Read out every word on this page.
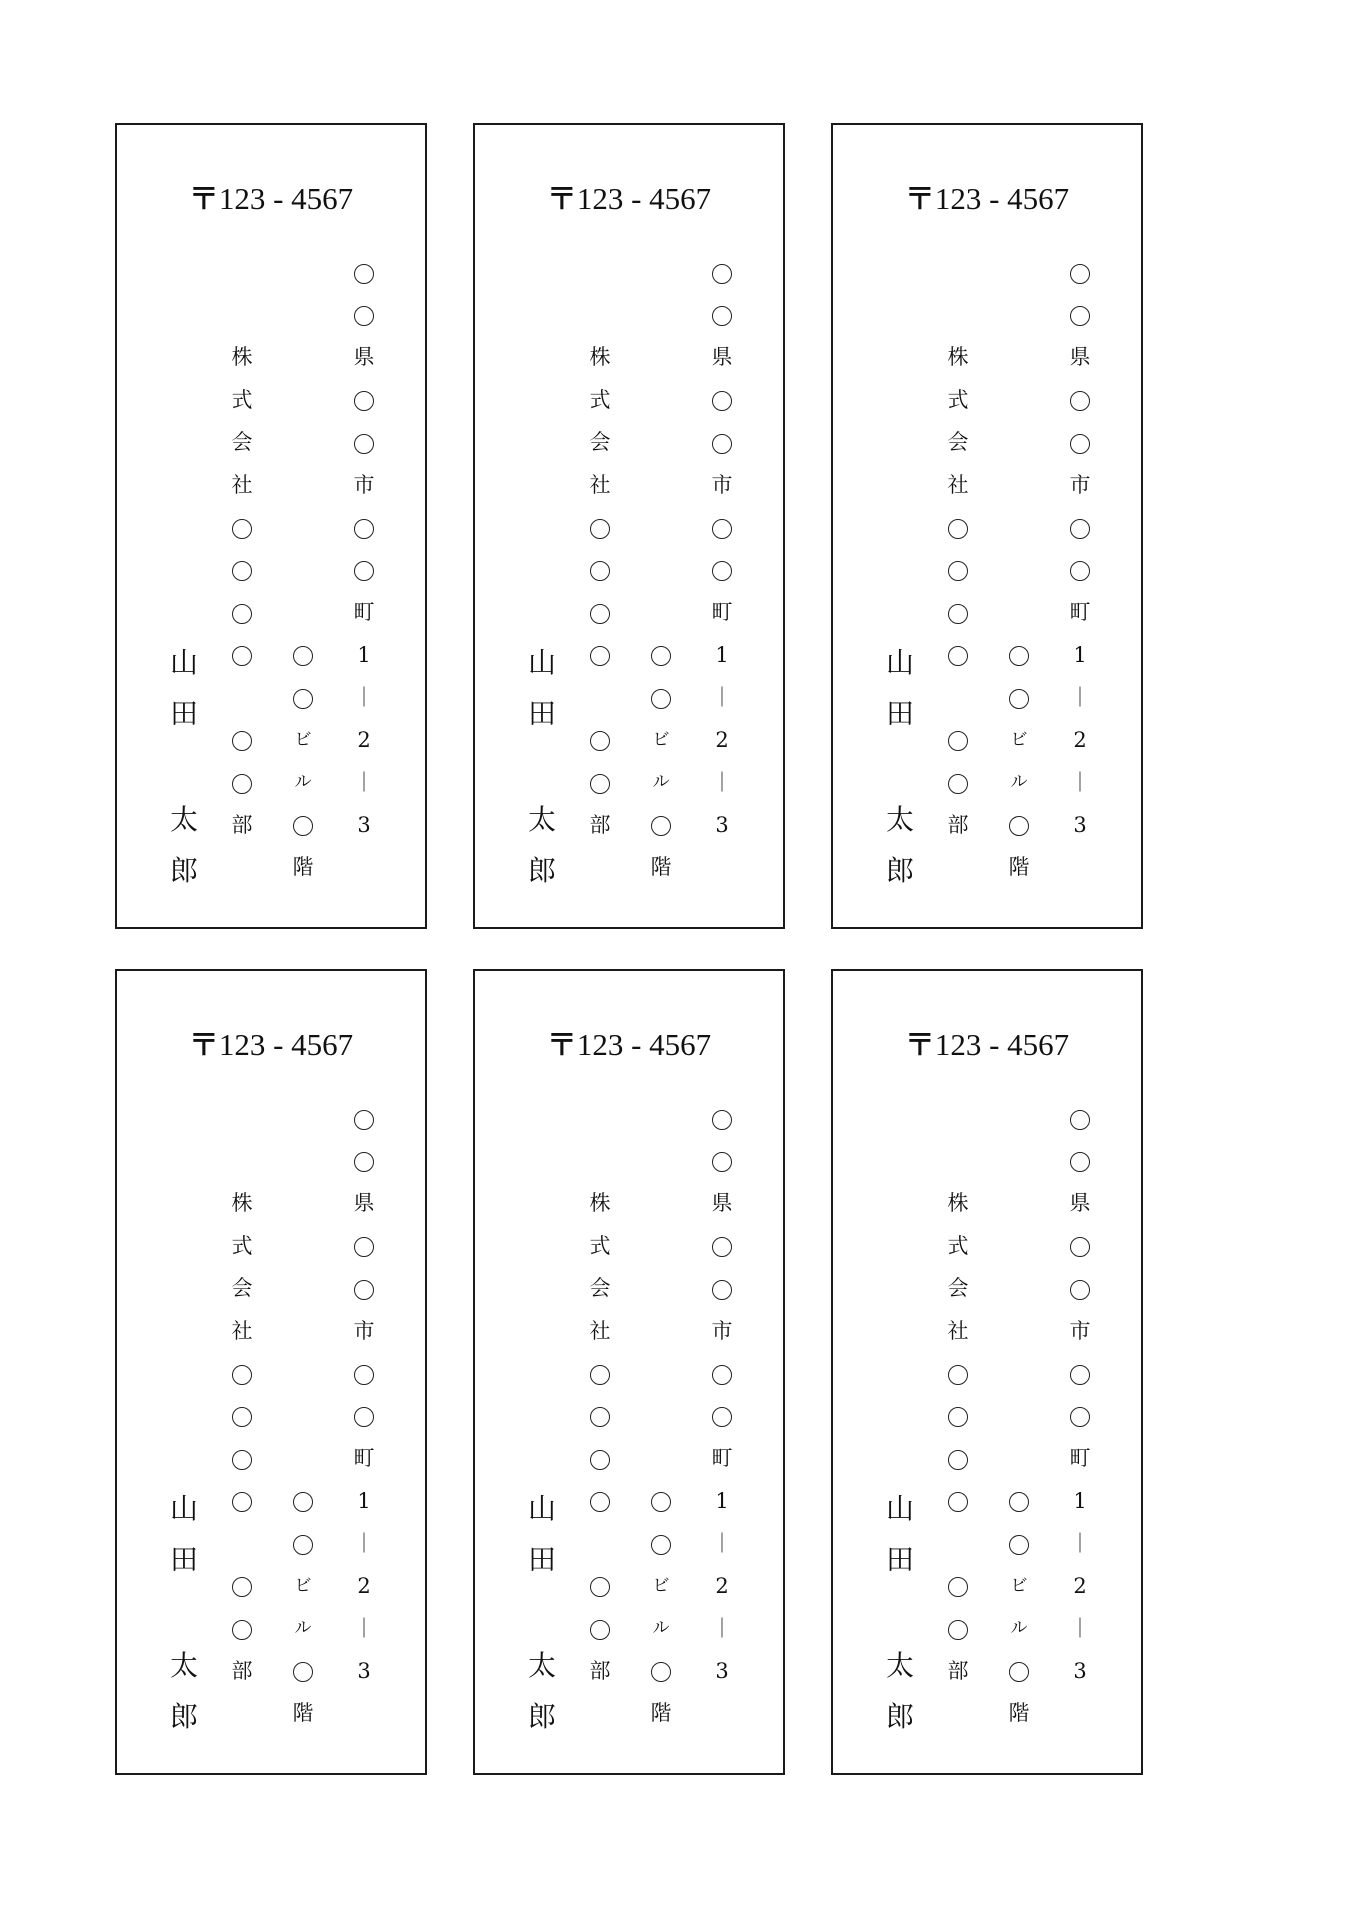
〒123 - 4567
県
市
町
1
｜
2
｜
3
株
式
会
社
部
ビ
ル
階
山
田
太
郎
〒123 - 4567
県
市
町
1
｜
2
｜
3
株
式
会
社
部
ビ
ル
階
山
田
太
郎
〒123 - 4567
県
市
町
1
｜
2
｜
3
株
式
会
社
部
ビ
ル
階
山
田
太
郎
〒123 - 4567
県
市
町
1
｜
2
｜
3
株
式
会
社
部
ビ
ル
階
山
田
太
郎
〒123 - 4567
県
市
町
1
｜
2
｜
3
株
式
会
社
部
ビ
ル
階
山
田
太
郎
〒123 - 4567
県
市
町
1
｜
2
｜
3
株
式
会
社
部
ビ
ル
階
山
田
太
郎
